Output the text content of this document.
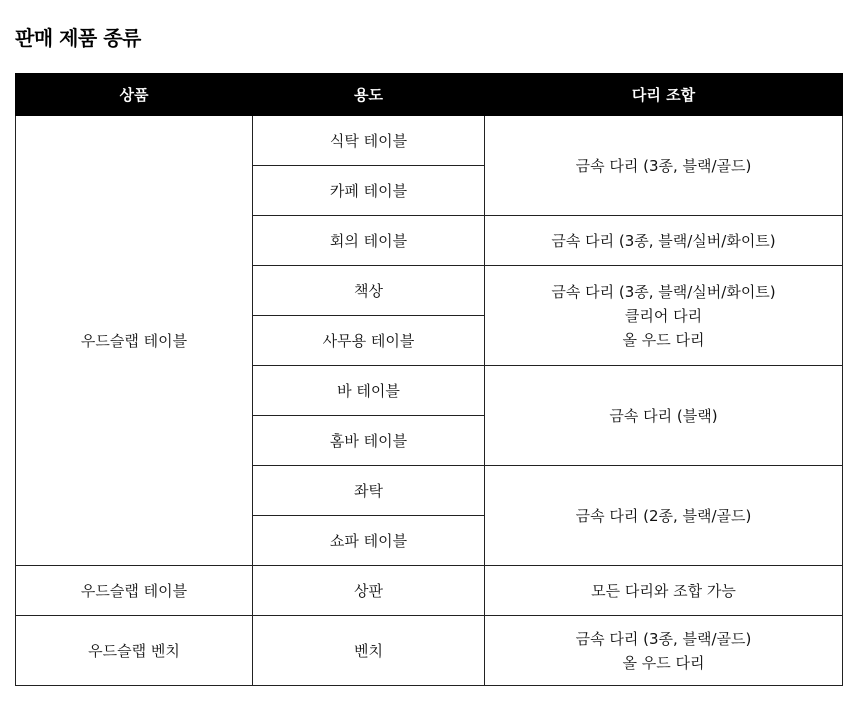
판매 제품 종류
상품	용도	다리 조합
우드슬랩 테이블	식탁 테이블	금속 다리 (3종, 블랙/골드)
	카페 테이블	
	회의 테이블	금속 다리 (3종, 블랙/실버/화이트)
	책상	금속 다리 (3종, 블랙/실버/화이트)
클리어 다리
올 우드 다리

	사무용 테이블	
	바 테이블	금속 다리 (블랙)
	홈바 테이블	
	좌탁	금속 다리 (2종, 블랙/골드)
	쇼파 테이블	
우드슬랩 테이블	상판	모든 다리와 조합 가능
우드슬랩 벤치	벤치	금속 다리 (3종, 블랙/골드)
올 우드 다리
